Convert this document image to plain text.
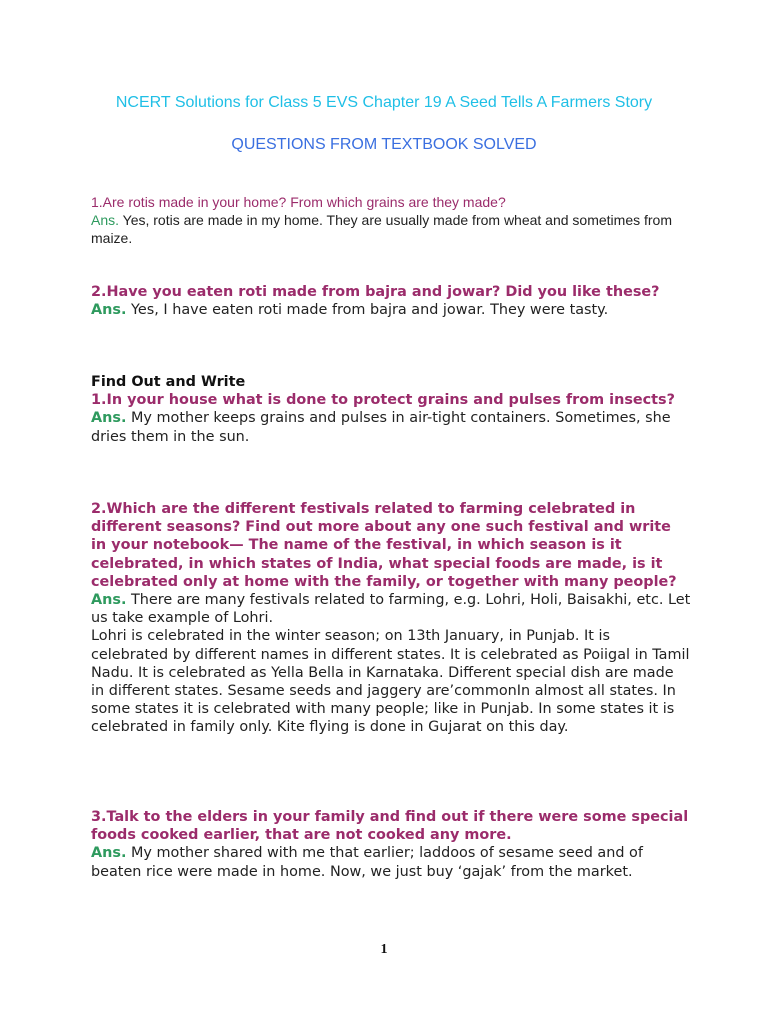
NCERT Solutions for Class 5 EVS Chapter 19 A Seed Tells A Farmers Story
QUESTIONS FROM TEXTBOOK SOLVED
1.Are rotis made in your home? From which grains are they made?
Ans. Yes, rotis are made in my home. They are usually made from wheat and sometimes from maize.
2.Have you eaten roti made from bajra and jowar? Did you like these?
Ans. Yes, I have eaten roti made from bajra and jowar. They were tasty.
Find Out and Write
1.In your house what is done to protect grains and pulses from insects?
Ans. My mother keeps grains and pulses in air-tight containers. Sometimes, she dries them in the sun.
2.Which are the different festivals related to farming celebrated in different seasons? Find out more about any one such festival and write in your notebook— The name of the festival, in which season is it celebrated, in which states of India, what special foods are made, is it celebrated only at home with the family, or together with many people?
Ans. There are many festivals related to farming, e.g. Lohri, Holi, Baisakhi, etc. Let us take example of Lohri.
Lohri is celebrated in the winter season; on 13th January, in Punjab. It is celebrated by different names in different states. It is celebrated as Poiigal in Tamil Nadu. It is celebrated as Yella Bella in Karnataka. Different special dish are made in different states. Sesame seeds and jaggery are’commonIn almost all states. In some states it is celebrated with many people; like in Punjab. In some states it is celebrated in family only. Kite flying is done in Gujarat on this day.
3.Talk to the elders in your family and find out if there were some special foods cooked earlier, that are not cooked any more.
Ans. My mother shared with me that earlier; laddoos of sesame seed and of beaten rice were made in home. Now, we just buy ‘gajak’ from the market.
1
